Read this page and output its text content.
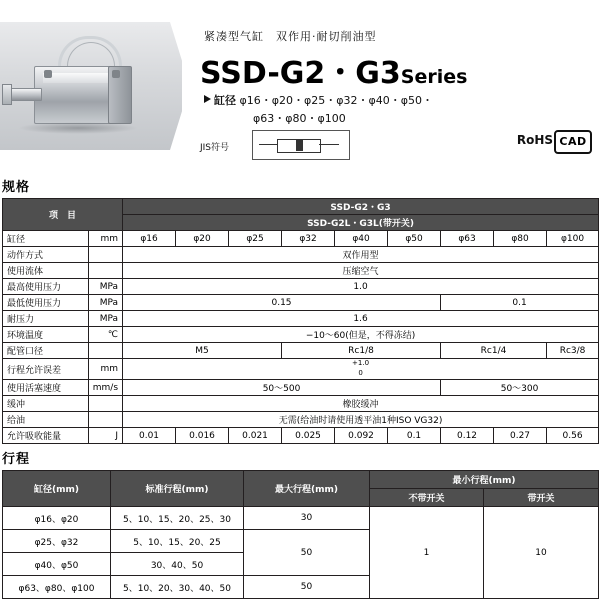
紧凑型气缸　双作用·耐切削油型
SSD-G2・G3Series
缸径 φ16・φ20・φ25・φ32・φ40・φ50・
φ63・φ80・φ100
JIS符号
RoHS CAD
规格
项　目		SSD-G2・G3								
		SSD-G2L・G3L(带开关)								
缸径	mm	φ16	φ20	φ25	φ32	φ40	φ50	φ63	φ80	φ100
动作方式		双作用型								
使用流体		压缩空气								
最高使用压力	MPa	1.0								
最低使用压力	MPa	0.15						0.1		
耐压力	MPa	1.6								
环境温度	℃	−10～60(但是，不得冻结)								
配管口径		M5			Rc1/8			Rc1/4		Rc3/8
行程允许误差	mm	+1.0
0								
使用活塞速度	mm/s	50～500						50～300		
缓冲		橡胶缓冲								
给油		无需(给油时请使用透平油1种ISO VG32)								
允许吸收能量	J	0.01	0.016	0.021	0.025	0.092	0.1	0.12	0.27	0.56
行程
缸径(mm)	标准行程(mm)	最大行程(mm)	最小行程(mm)	
			不带开关	带开关
φ16、φ20	5、10、15、20、25、30	30	1	10
φ25、φ32	5、10、15、20、25	50		
φ40、φ50	30、40、50			
φ63、φ80、φ100	5、10、20、30、40、50	50		
